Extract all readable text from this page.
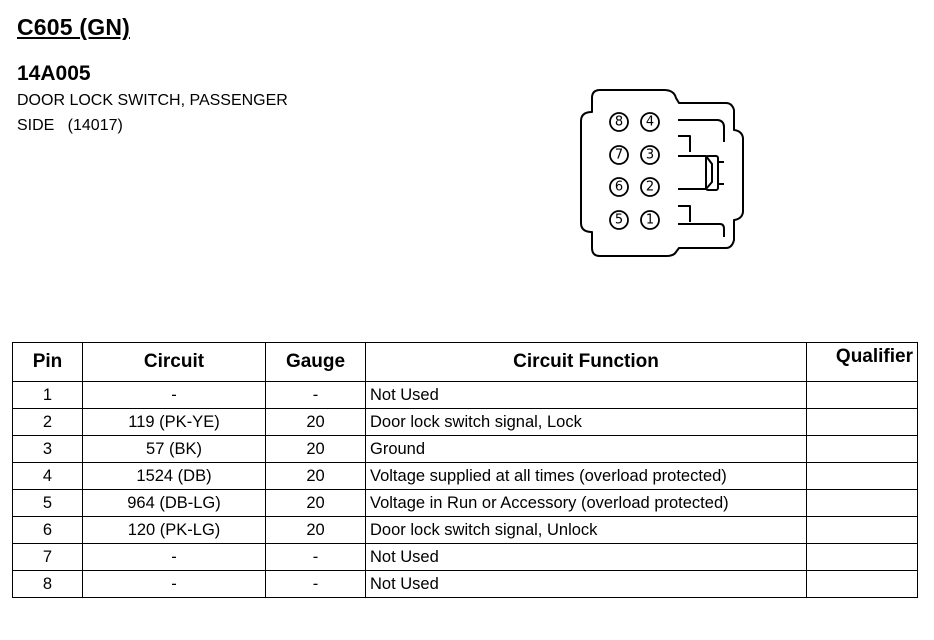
C605 (GN)
14A005
DOOR LOCK SWITCH, PASSENGER
SIDE   (14017)	8 4
7 3
6 2
5 1
Pin	Circuit	Gauge	Circuit Function	Qualifier
1	-	-	Not Used	
2	119 (PK-YE)	20	Door lock switch signal, Lock	
3	57 (BK)	20	Ground	
4	1524 (DB)	20	Voltage supplied at all times (overload protected)	
5	964 (DB-LG)	20	Voltage in Run or Accessory (overload protected)	
6	120 (PK-LG)	20	Door lock switch signal, Unlock	
7	-	-	Not Used	
8	-	-	Not Used	
